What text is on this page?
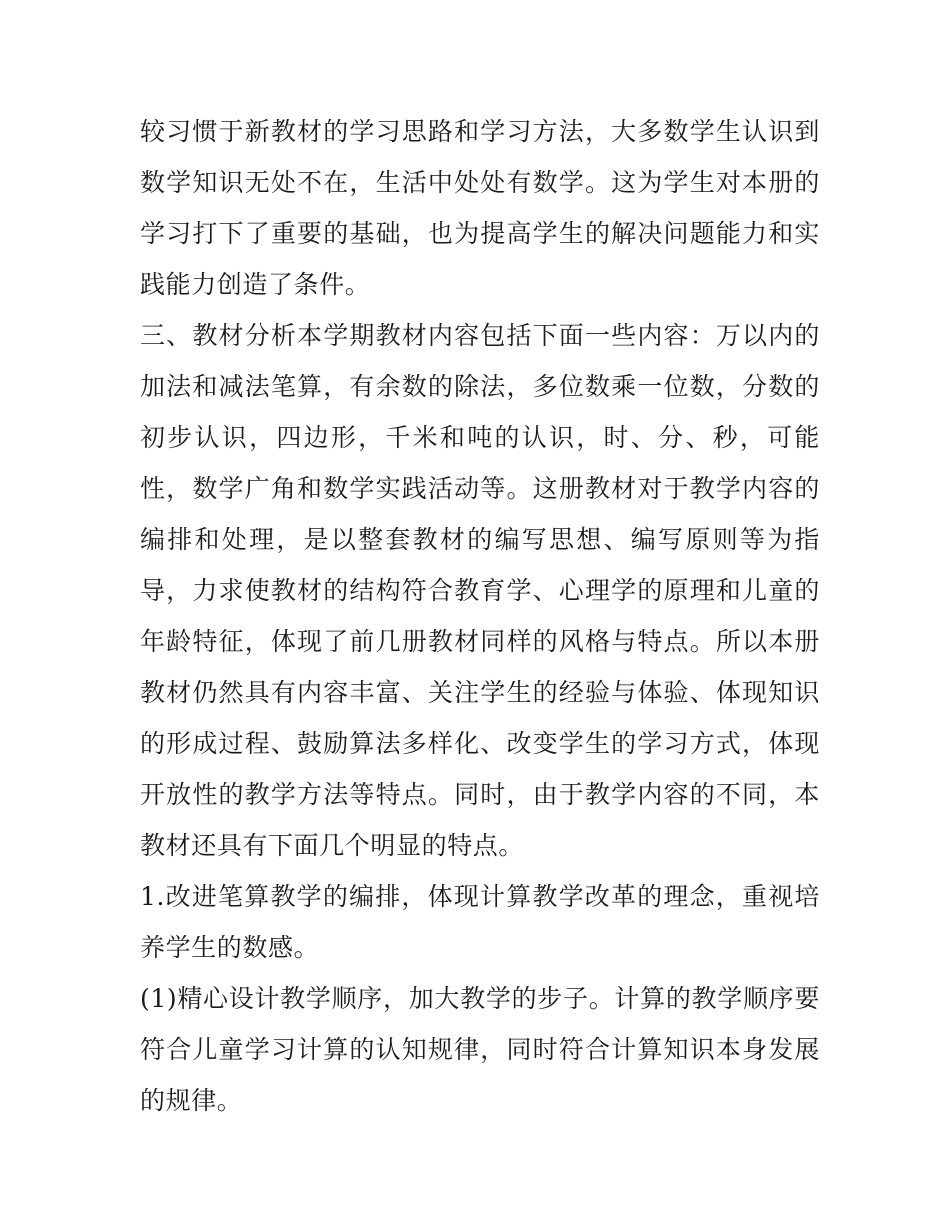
较习惯于新教材的学习思路和学习方法，大多数学生认识到数学知识无处不在，生活中处处有数学。这为学生对本册的学习打下了重要的基础，也为提高学生的解决问题能力和实践能力创造了条件。

三、教材分析本学期教材内容包括下面一些内容：万以内的加法和减法笔算，有余数的除法，多位数乘一位数，分数的初步认识，四边形，千米和吨的认识，时、分、秒，可能性，数学广角和数学实践活动等。这册教材对于教学内容的编排和处理，是以整套教材的编写思想、编写原则等为指导，力求使教材的结构符合教育学、心理学的原理和儿童的年龄特征，体现了前几册教材同样的风格与特点。所以本册教材仍然具有内容丰富、关注学生的经验与体验、体现知识的形成过程、鼓励算法多样化、改变学生的学习方式，体现开放性的教学方法等特点。同时，由于教学内容的不同，本教材还具有下面几个明显的特点。

1.改进笔算教学的编排，体现计算教学改革的理念，重视培养学生的数感。

(1)精心设计教学顺序，加大教学的步子。计算的教学顺序要符合儿童学习计算的认知规律，同时符合计算知识本身发展的规律。
